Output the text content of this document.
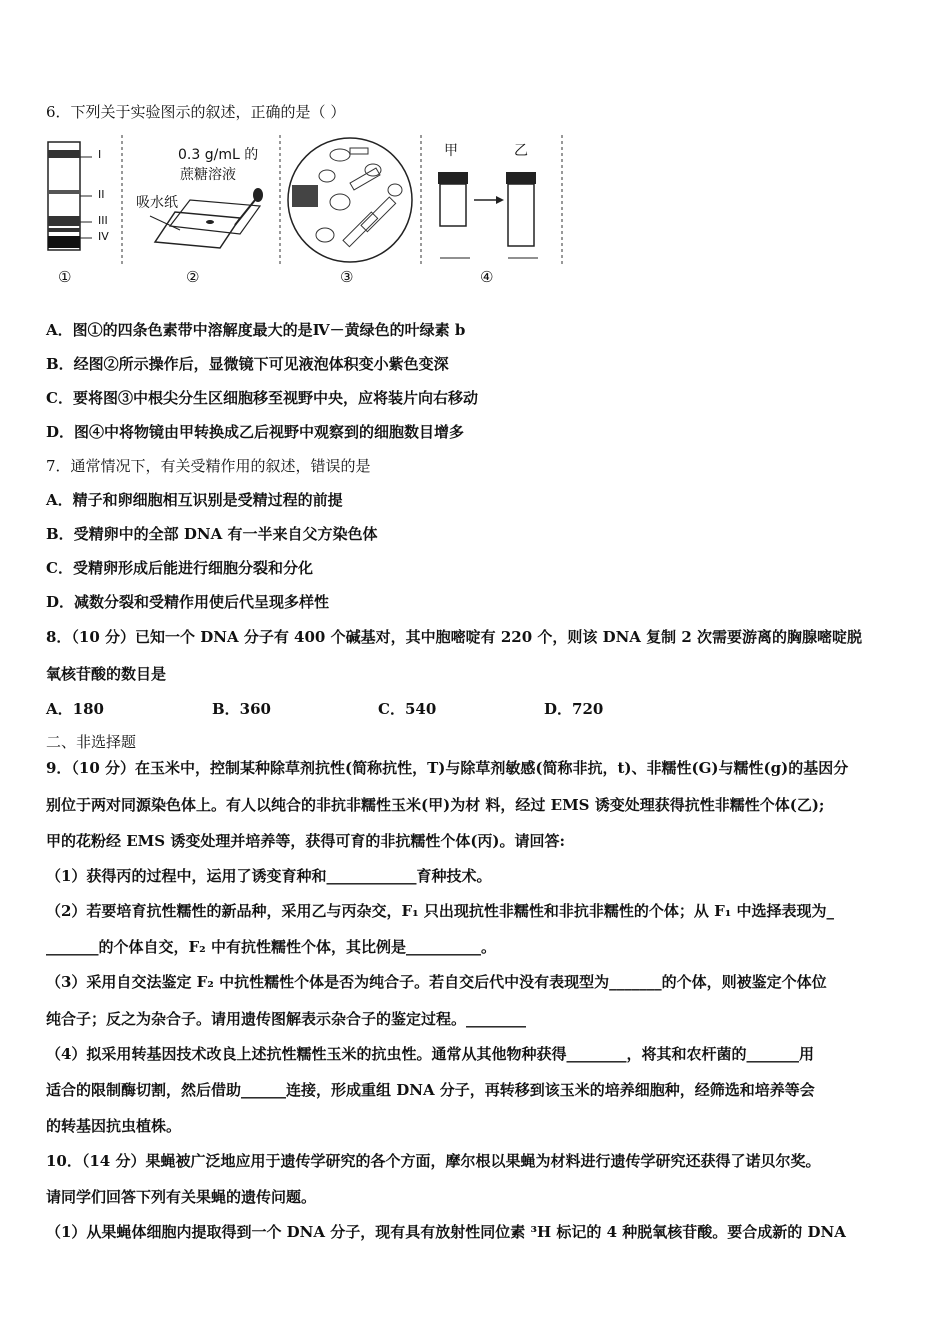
6．下列关于实验图示的叙述，正确的是（ ）
I
II
III
IV
0.3 g/mL 的
蔗糖溶液
吸水纸
甲	乙
①	②	③	④
A．图①的四条色素带中溶解度最大的是Ⅳ－黄绿色的叶绿素 b
B．经图②所示操作后，显微镜下可见液泡体积变小紫色变深
C．要将图③中根尖分生区细胞移至视野中央，应将装片向右移动
D．图④中将物镜由甲转换成乙后视野中观察到的细胞数目增多
7．通常情况下，有关受精作用的叙述，错误的是
A．精子和卵细胞相互识别是受精过程的前提
B．受精卵中的全部 DNA 有一半来自父方染色体
C．受精卵形成后能进行细胞分裂和分化
D．减数分裂和受精作用使后代呈现多样性
8．（10 分）已知一个 DNA 分子有 400 个碱基对，其中胞嘧啶有 220 个，则该 DNA 复制 2 次需要游离的胸腺嘧啶脱
氧核苷酸的数目是
A．180	B．360	C．540	D．720
二、非选择题
9．（10 分）在玉米中，控制某种除草剂抗性(简称抗性，T)与除草剂敏感(简称非抗，t)、非糯性(G)与糯性(g)的基因分
别位于两对同源染色体上。有人以纯合的非抗非糯性玉米(甲)为材 料，经过 EMS 诱变处理获得抗性非糯性个体(乙);
甲的花粉经 EMS 诱变处理并培养等，获得可育的非抗糯性个体(丙)。请回答:
（1）获得丙的过程中，运用了诱变育种和____________育种技术。
（2）若要培育抗性糯性的新品种，采用乙与丙杂交，F₁ 只出现抗性非糯性和非抗非糯性的个体；从 F₁ 中选择表现为_
_______的个体自交，F₂ 中有抗性糯性个体，其比例是__________。
（3）采用自交法鉴定 F₂ 中抗性糯性个体是否为纯合子。若自交后代中没有表现型为_______的个体，则被鉴定个体位
纯合子；反之为杂合子。请用遗传图解表示杂合子的鉴定过程。________
（4）拟采用转基因技术改良上述抗性糯性玉米的抗虫性。通常从其他物种获得________，将其和农杆菌的_______用
适合的限制酶切割，然后借助______连接，形成重组 DNA 分子，再转移到该玉米的培养细胞种，经筛选和培养等会
的转基因抗虫植株。
10．（14 分）果蝇被广泛地应用于遗传学研究的各个方面，摩尔根以果蝇为材料进行遗传学研究还获得了诺贝尔奖。
请同学们回答下列有关果蝇的遗传问题。
（1）从果蝇体细胞内提取得到一个 DNA 分子，现有具有放射性同位素 ³H 标记的 4 种脱氧核苷酸。要合成新的 DNA
